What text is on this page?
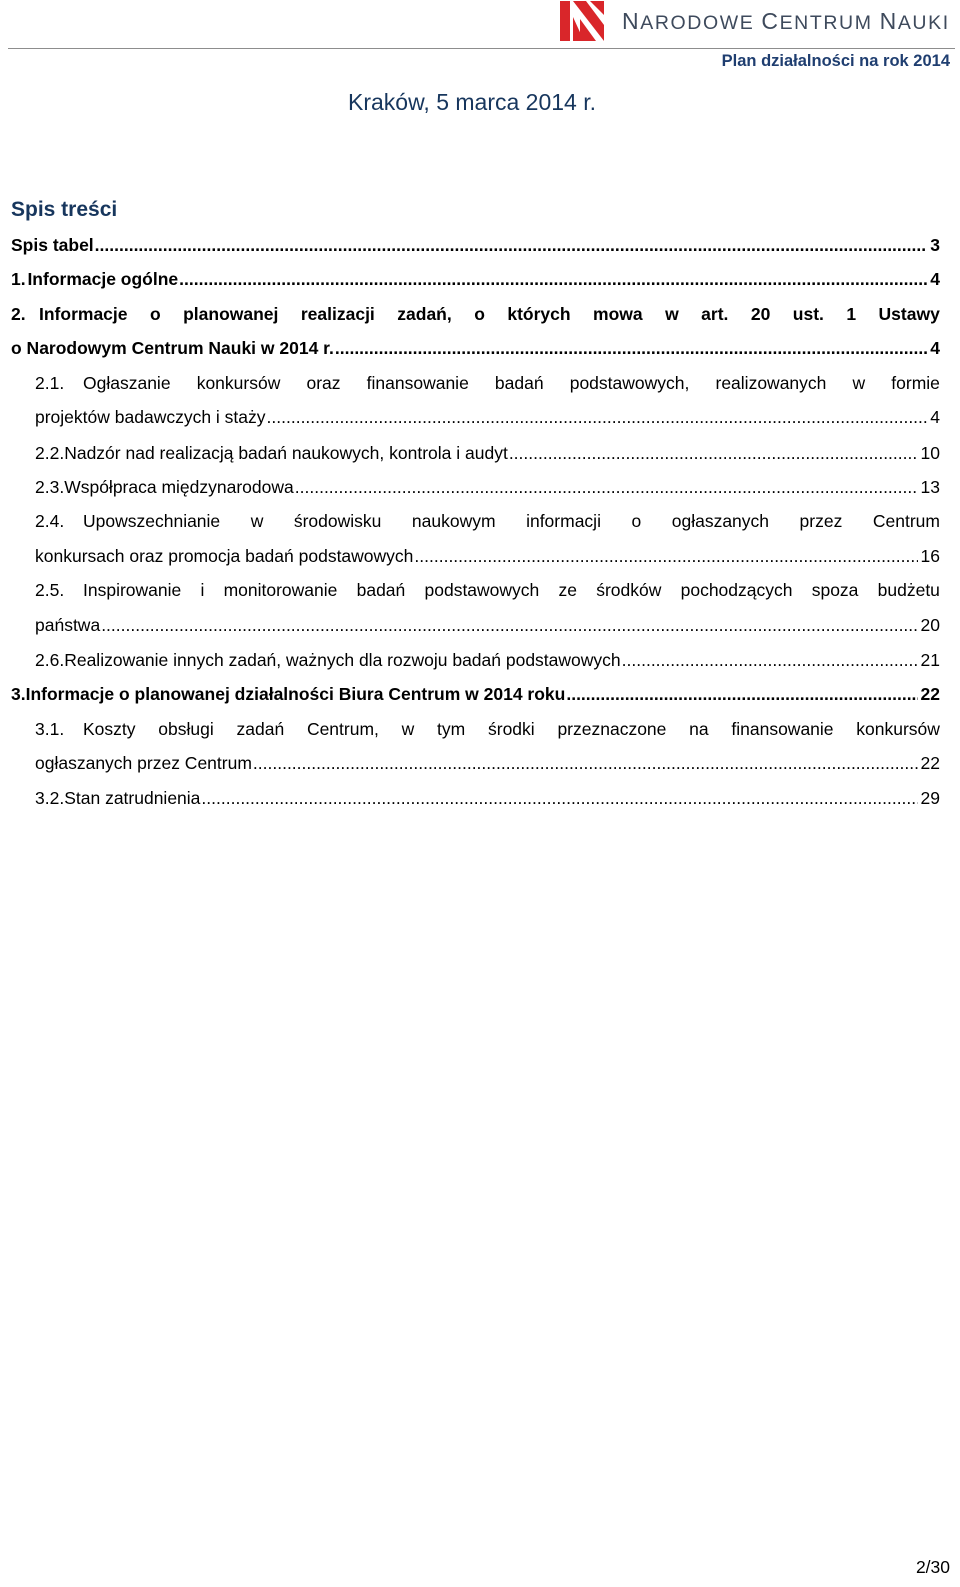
NARODOWE CENTRUM NAUKI
Plan działalności na rok 2014
Kraków, 5 marca 2014 r.
Spis treści
Spis tabel .....	3
1. Informacje ogólne .....	4
2. Informacje o planowanej realizacji zadań, o których mowa w art. 20 ust. 1 Ustawy
o Narodowym Centrum Nauki w 2014 r. .....	4
2.1.	Ogłaszanie konkursów oraz finansowanie badań podstawowych, realizowanych w formie
projektów badawczych i staży .....	4
2.2. Nadzór nad realizacją badań naukowych, kontrola i audyt .....	10
2.3. Współpraca międzynarodowa .....	13
2.4.	Upowszechnianie w środowisku naukowym informacji o ogłaszanych przez Centrum
konkursach oraz promocja badań podstawowych .....	16
2.5.	Inspirowanie i monitorowanie badań podstawowych ze środków pochodzących spoza budżetu
państwa .....	20
2.6. Realizowanie innych zadań, ważnych dla rozwoju badań podstawowych .....	21
3. Informacje o planowanej działalności Biura Centrum w 2014 roku .....	22
3.1.	Koszty obsługi zadań Centrum, w tym środki przeznaczone na finansowanie konkursów
ogłaszanych przez Centrum .....	22
3.2. Stan zatrudnienia .....	29
2/30
